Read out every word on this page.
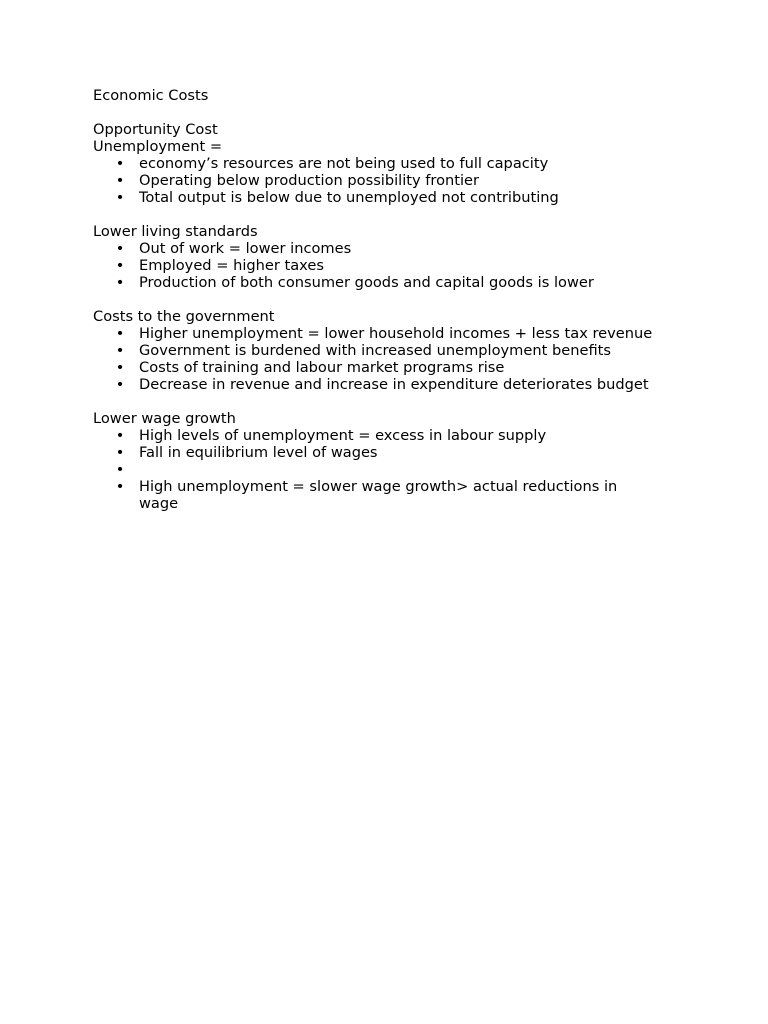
Economic Costs
Opportunity Cost
Unemployment =
• economy’s resources are not being used to full capacity
• Operating below production possibility frontier
• Total output is below due to unemployed not contributing
Lower living standards
• Out of work = lower incomes
• Employed = higher taxes
• Production of both consumer goods and capital goods is lower
Costs to the government
• Higher unemployment = lower household incomes + less tax revenue
• Government is burdened with increased unemployment benefits
• Costs of training and labour market programs rise
• Decrease in revenue and increase in expenditure deteriorates budget
Lower wage growth
• High levels of unemployment = excess in labour supply
• Fall in equilibrium level of wages
•
• High unemployment = slower wage growth> actual reductions in wage
